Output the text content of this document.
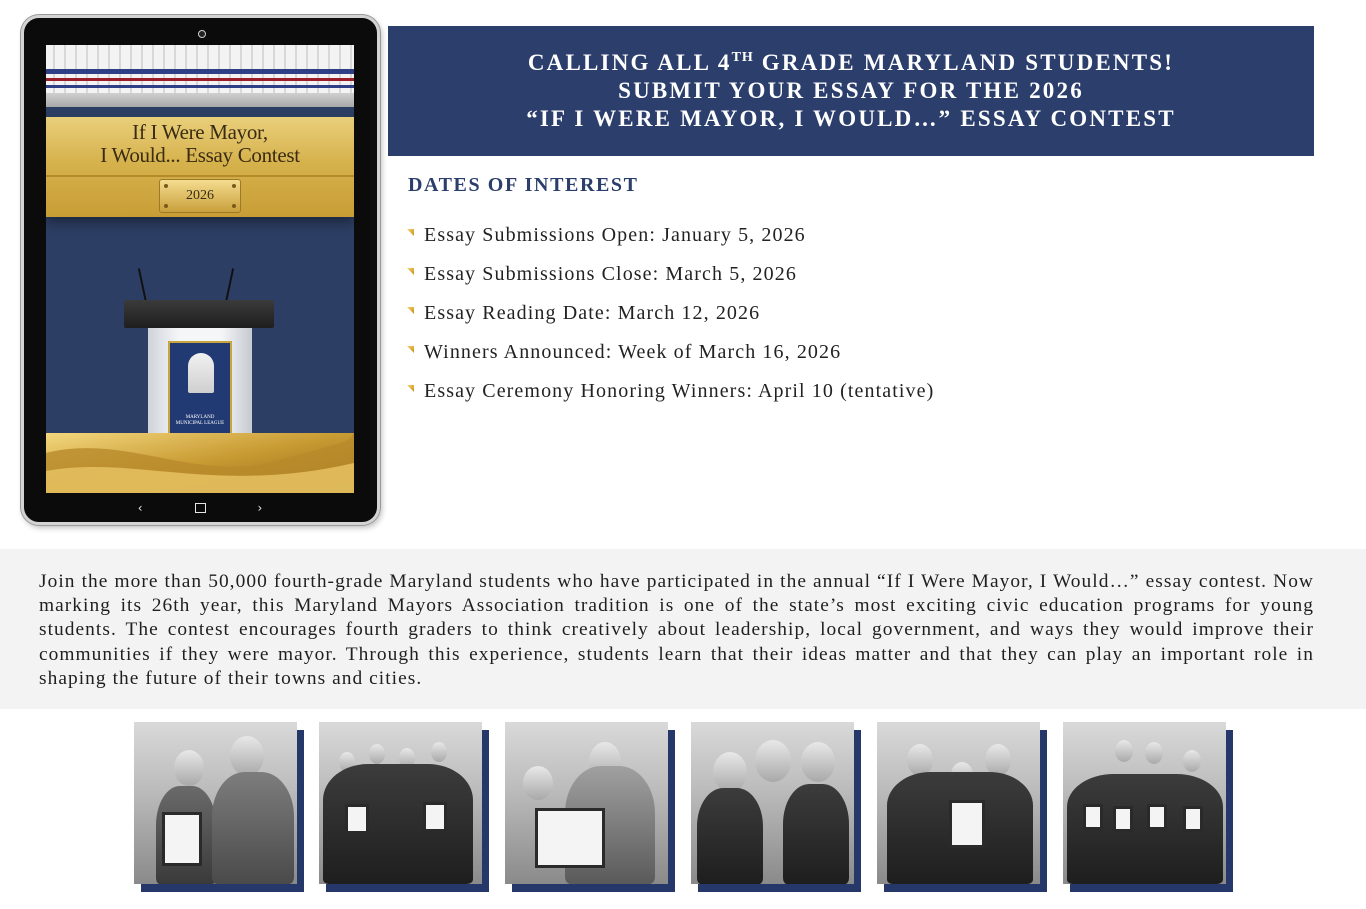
If I Were Mayor,
I Would... Essay Contest
2026
MARYLAND
MUNICIPAL LEAGUE
‹	›
CALLING ALL 4TH GRADE MARYLAND STUDENTS!
SUBMIT YOUR ESSAY FOR THE 2026
“IF I WERE MAYOR, I WOULD…” ESSAY CONTEST
DATES OF INTEREST
Essay Submissions Open: January 5, 2026
Essay Submissions Close: March 5, 2026
Essay Reading Date: March 12, 2026
Winners Announced: Week of March 16, 2026
Essay Ceremony Honoring Winners: April 10 (tentative)

Join the more than 50,000 fourth-grade Maryland students who have participated in the annual “If I Were Mayor, I Would…” essay contest. Now marking its 26th year, this Maryland Mayors Association tradition is one of the state’s most exciting civic education programs for young students. The contest encourages fourth graders to think creatively about leadership, local government, and ways they would improve their communities if they were mayor. Through this experience, students learn that their ideas matter and that they can play an important role in shaping the future of their towns and cities.
